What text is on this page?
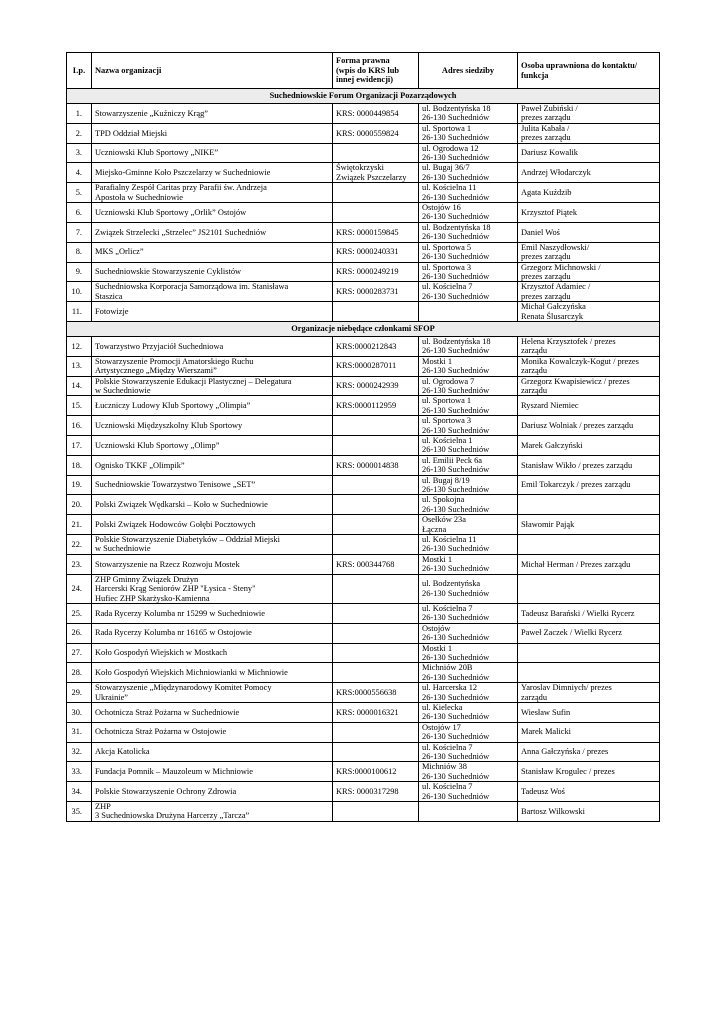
Lp.	Nazwa organizacji	Forma prawna
(wpis do KRS lub
innej ewidencji)	Adres siedziby	Osoba uprawniona do kontaktu/
funkcja
Suchedniowskie Forum Organizacji Pozarządowych				
1.	Stowarzyszenie „Kuźniczy Krąg”	KRS: 0000449854	ul. Bodzentyńska 18
26-130 Suchedniów	Paweł Zubiński /
prezes zarządu
2.	TPD Oddział Miejski	KRS: 0000559824	ul. Sportowa 1
26-130 Suchedniów	Julita Kabała /
prezes zarządu
3.	Uczniowski Klub Sportowy „NIKE”		ul. Ogrodowa 12
26-130 Suchedniów	Dariusz Kowalik
4.	Miejsko-Gminne Koło Pszczelarzy w Suchedniowie	Świętokrzyski
Związek Pszczelarzy	ul. Bugaj 36/7
26-130 Suchedniów	Andrzej Włodarczyk
5.	Parafialny Zespół Caritas przy Parafii św. Andrzeja
Apostoła w Suchedniowie		ul. Kościelna 11
26-130 Suchedniów	Agata Kuździb
6.	Uczniowski Klub Sportowy „Orlik” Ostojów		Ostojów 16
26-130 Suchedniów	Krzysztof Piątek
7.	Związek Strzelecki „Strzelec” JS2101 Suchedniów	KRS: 0000159845	ul. Bodzentyńska 18
26-130 Suchedniów	Daniel Woś
8.	MKS „Orlicz”	KRS: 0000240331	ul. Sportowa 5
26-130 Suchedniów	Emil Naszydłowski/
prezes zarządu
9.	Suchedniowskie Stowarzyszenie Cyklistów	KRS: 0000249219	ul. Sportowa 3
26-130 Suchedniów	Grzegorz Michnowski /
prezes zarządu
10.	Suchedniowska Korporacja Samorządowa im. Stanisława
Staszica	KRS: 0000283731	ul. Kościelna 7
26-130 Suchedniów	Krzysztof Adamiec /
prezes zarządu
11.	Fotowizje			Michał Gałczyńska
Renata Ślusarczyk
Organizacje niebędące członkami SFOP				
12.	Towarzystwo Przyjaciół Suchedniowa	KRS:0000212843	ul. Bodzentyńska 18
26-130 Suchedniów	Helena Krzysztofek / prezes
zarządu
13.	Stowarzyszenie Promocji Amatorskiego Ruchu
Artystycznego „Między Wierszami”	KRS:0000287011	Mostki 1
26-130 Suchedniów	Monika Kowalczyk-Kogut / prezes
zarządu
14.	Polskie Stowarzyszenie Edukacji Plastycznej – Delegatura
w Suchedniowie	KRS: 0000242939	ul. Ogrodowa 7
26-130 Suchedniów	Grzegorz Kwapisiewicz / prezes
zarządu
15.	Łuczniczy Ludowy Klub Sportowy „Olimpia”	KRS:0000112959	ul. Sportowa 1
26-130 Suchedniów	Ryszard Niemiec
16.	Uczniowski Międzyszkolny Klub Sportowy		ul. Sportowa 3
26-130 Suchedniów	Dariusz Wolniak / prezes zarządu
17.	Uczniowski Klub Sportowy „Olimp”		ul. Kościelna 1
26-130 Suchedniów	Marek Gałczyński
18.	Ognisko TKKF „Olimpik”	KRS: 0000014838	ul. Emilii Peck 6a
26-130 Suchedniów	Stanisław Wikło / prezes zarządu
19.	Suchedniowskie Towarzystwo Tenisowe „SET”		ul. Bugaj 8/19
26-130 Suchedniów	Emil Tokarczyk / prezes zarządu
20.	Polski Związek Wędkarski – Koło w Suchedniowie		ul. Spokojna
26-130 Suchedniów	
21.	Polski Związek Hodowców Gołębi Pocztowych		Osełków 23a
Łączna	Sławomir Pająk
22.	Polskie Stowarzyszenie Diabetyków – Oddział Miejski
w Suchedniowie		ul. Kościelna 11
26-130 Suchedniów	
23.	Stowarzyszenie na Rzecz Rozwoju Mostek	KRS: 000344768	Mostki 1
26-130 Suchedniów	Michał Herman / Prezes zarządu
24.	ZHP Gminny Związek Drużyn
Harcerski Krąg Seniorów ZHP "Łysica - Steny"
Hufiec ZHP Skarżysko-Kamienna		ul. Bodzentyńska
26-130 Suchedniów	
25.	Rada Rycerzy Kolumba nr 15299 w Suchedniowie		ul. Kościelna 7
26-130 Suchedniów	Tadeusz Barański / Wielki Rycerz
26.	Rada Rycerzy Kolumba nr 16165 w Ostojowie		Ostojów
26-130 Suchedniów	Paweł Zaczek / Wielki Rycerz
27.	Koło Gospodyń Wiejskich w Mostkach		Mostki 1
26-130 Suchedniów	
28.	Koło Gospodyń Wiejskich Michniowianki w Michniowie		Michniów 20B
26-130 Suchedniów	
29.	Stowarzyszenie „Międzynarodowy Komitet Pomocy
Ukrainie”	KRS:0000556638	ul. Harcerska 12
26-130 Suchedniów	Yaroslav Dimniych/ prezes
zarządu
30.	Ochotnicza Straż Pożarna w Suchedniowie	KRS: 0000016321	ul. Kielecka
26-130 Suchedniów	Wiesław Sufin
31.	Ochotnicza Straż Pożarna w Ostojowie		Ostojów 17
26-130 Suchedniów	Marek Malicki
32.	Akcja Katolicka		ul. Kościelna 7
26-130 Suchedniów	Anna Gałczyńska / prezes
33.	Fundacja Pomnik – Mauzoleum w Michniowie	KRS:0000100612	Michniów 38
26-130 Suchedniów	Stanisław Krogulec / prezes
34.	Polskie Stowarzyszenie Ochrony Zdrowia	KRS: 0000317298	ul. Kościelna 7
26-130 Suchedniów	Tadeusz Woś
35.	ZHP
3 Suchedniowska Drużyna Harcerzy „Tarcza”			Bartosz Wilkowski
